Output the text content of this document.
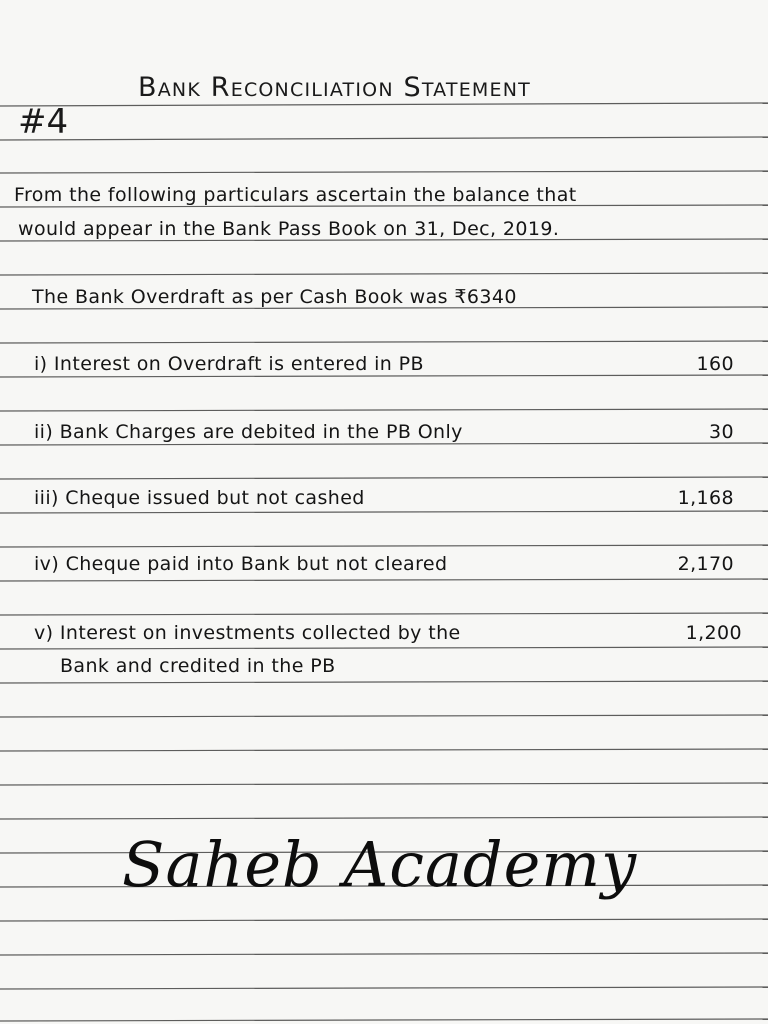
Bank Reconciliation Statement
#4
From the following particulars ascertain the balance that
would appear in the Bank Pass Book on 31, Dec, 2019.
The Bank Overdraft as per Cash Book was ₹6340
i) Interest on Overdraft is entered in PB	160
ii) Bank Charges are debited in the PB Only	30
iii) Cheque issued but not cashed	1,168
iv) Cheque paid into Bank but not cleared	2,170
v) Interest on investments collected by the	1,200
Bank and credited in the PB
Saheb Academy
